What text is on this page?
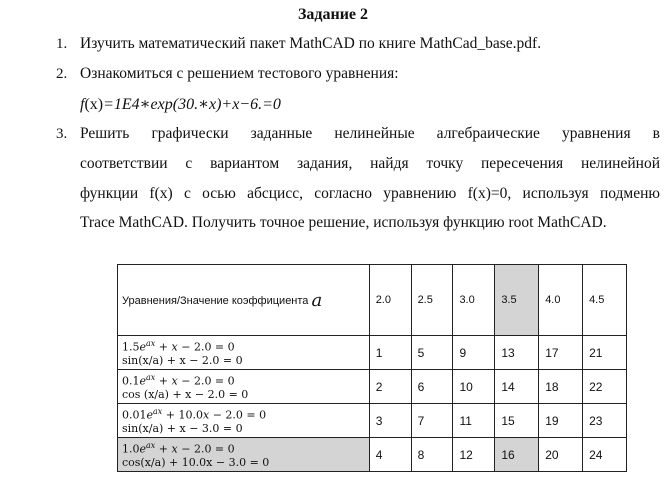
Задание 2
1. Изучить математический пакет MathCAD по книге MathCad_base.pdf.
2. Ознакомиться с решением тестового уравнения:
f(x)=1E4∗exp(30.∗x)+x−6.=0
3. Решить графически заданные нелинейные алгебраические уравнения в
соответствии с вариантом задания, найдя точку пересечения нелинейной
функции f(x) с осью абсцисс, согласно уравнению f(x)=0, используя подменю
Trace MathCAD. Получить точное решение, используя функцию root MathCAD.
Уравнения/Значение коэффициента a	2.0	2.5	3.0	3.5	4.0	4.5

$1.5e^{ax} + x - 2.0 = 0$
sin(x/a) + x − 2.0 = 0	1	5	9	13	17	21

$0.1e^{ax} + x - 2.0 = 0$
cos (x/a) + x − 2.0 = 0	2	6	10	14	18	22

$0.01e^{ax} + 10.0x - 2.0 = 0$
sin(x/a) + x − 3.0 = 0	3	7	11	15	19	23

$1.0e^{ax} + x - 2.0 = 0$
cos(x/a) + 10.0x − 3.0 = 0	4	8	12	16	20	24
